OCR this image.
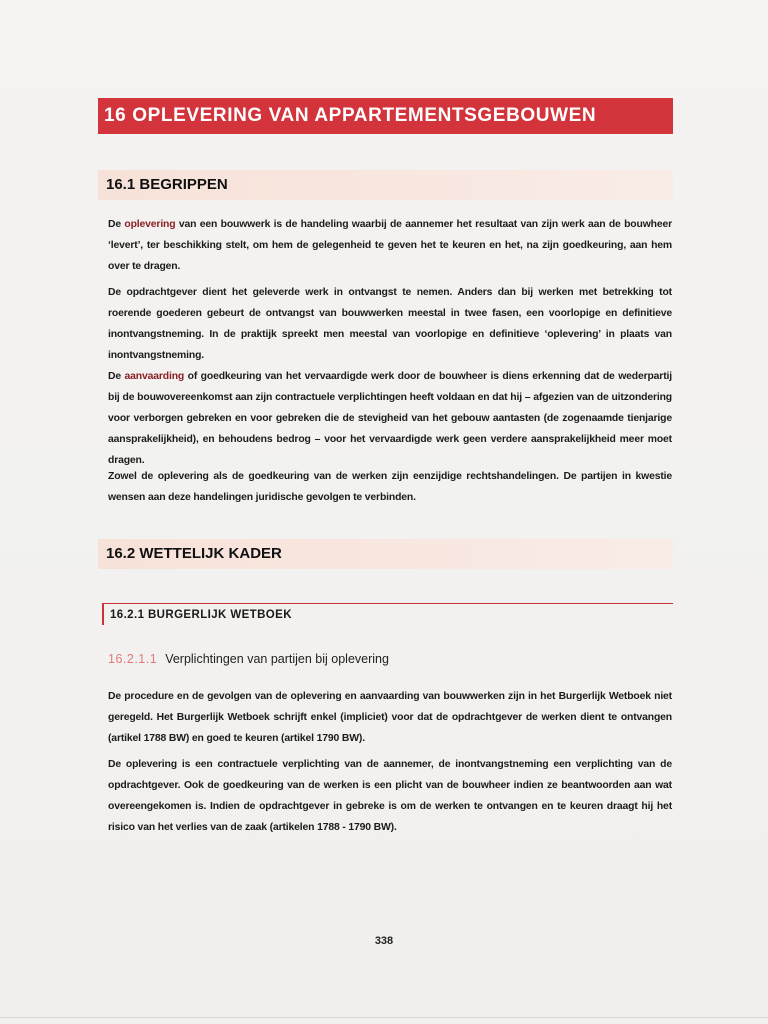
16 OPLEVERING VAN APPARTEMENTSGEBOUWEN
16.1 BEGRIPPEN
De oplevering van een bouwwerk is de handeling waarbij de aannemer het resultaat van zijn werk aan de bouwheer ‘levert’, ter beschikking stelt, om hem de gelegenheid te geven het te keuren en het, na zijn goedkeuring, aan hem over te dragen.
De opdrachtgever dient het geleverde werk in ontvangst te nemen. Anders dan bij werken met betrekking tot roerende goederen gebeurt de ontvangst van bouwwerken meestal in twee fasen, een voorlopige en definitieve inontvangstneming. In de praktijk spreekt men meestal van voorlopige en definitieve ‘oplevering’ in plaats van inontvangstneming.
De aanvaarding of goedkeuring van het vervaardigde werk door de bouwheer is diens erkenning dat de wederpartij bij de bouwovereenkomst aan zijn contractuele verplichtingen heeft voldaan en dat hij – afgezien van de uitzondering voor verborgen gebreken en voor gebreken die de stevigheid van het gebouw aantasten (de zogenaamde tienjarige aansprakelijkheid), en behoudens bedrog – voor het vervaardigde werk geen verdere aansprakelijkheid meer moet dragen.
Zowel de oplevering als de goedkeuring van de werken zijn eenzijdige rechtshandelingen. De partijen in kwestie wensen aan deze handelingen juridische gevolgen te verbinden.
16.2 WETTELIJK KADER
16.2.1 BURGERLIJK WETBOEK
16.2.1.1 Verplichtingen van partijen bij oplevering
De procedure en de gevolgen van de oplevering en aanvaarding van bouwwerken zijn in het Burgerlijk Wetboek niet geregeld. Het Burgerlijk Wetboek schrijft enkel (impliciet) voor dat de opdrachtgever de werken dient te ontvangen (artikel 1788 BW) en goed te keuren (artikel 1790 BW).
De oplevering is een contractuele verplichting van de aannemer, de inontvangstneming een verplichting van de opdrachtgever. Ook de goedkeuring van de werken is een plicht van de bouwheer indien ze beantwoorden aan wat overeengekomen is. Indien de opdrachtgever in gebreke is om de werken te ontvangen en te keuren draagt hij het risico van het verlies van de zaak (artikelen 1788 - 1790 BW).
338
